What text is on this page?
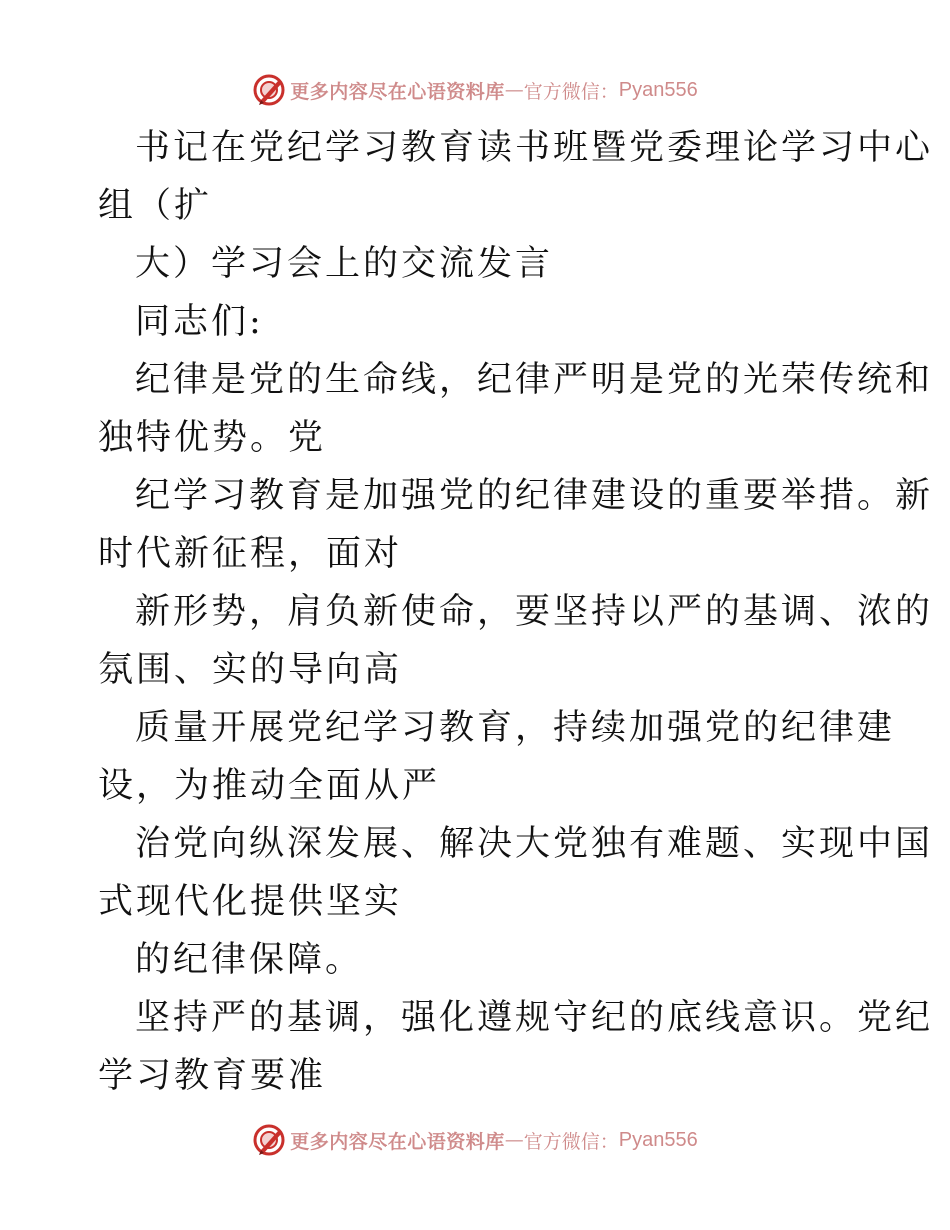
更多内容尽在心语资料库 — 官方微信： Pyan556
书记在党纪学习教育读书班暨党委理论学习中心
组（扩
大）学习会上的交流发言
同志们:
纪律是党的生命线，纪律严明是党的光荣传统和
独特优势。党
纪学习教育是加强党的纪律建设的重要举措。新
时代新征程，面对
新形势，肩负新使命，要坚持以严的基调、浓的
氛围、实的导向高
质量开展党纪学习教育，持续加强党的纪律建
设，为推动全面从严
治党向纵深发展、解决大党独有难题、实现中国
式现代化提供坚实
的纪律保障。
坚持严的基调，强化遵规守纪的底线意识。党纪
学习教育要准
更多内容尽在心语资料库 — 官方微信： Pyan556
